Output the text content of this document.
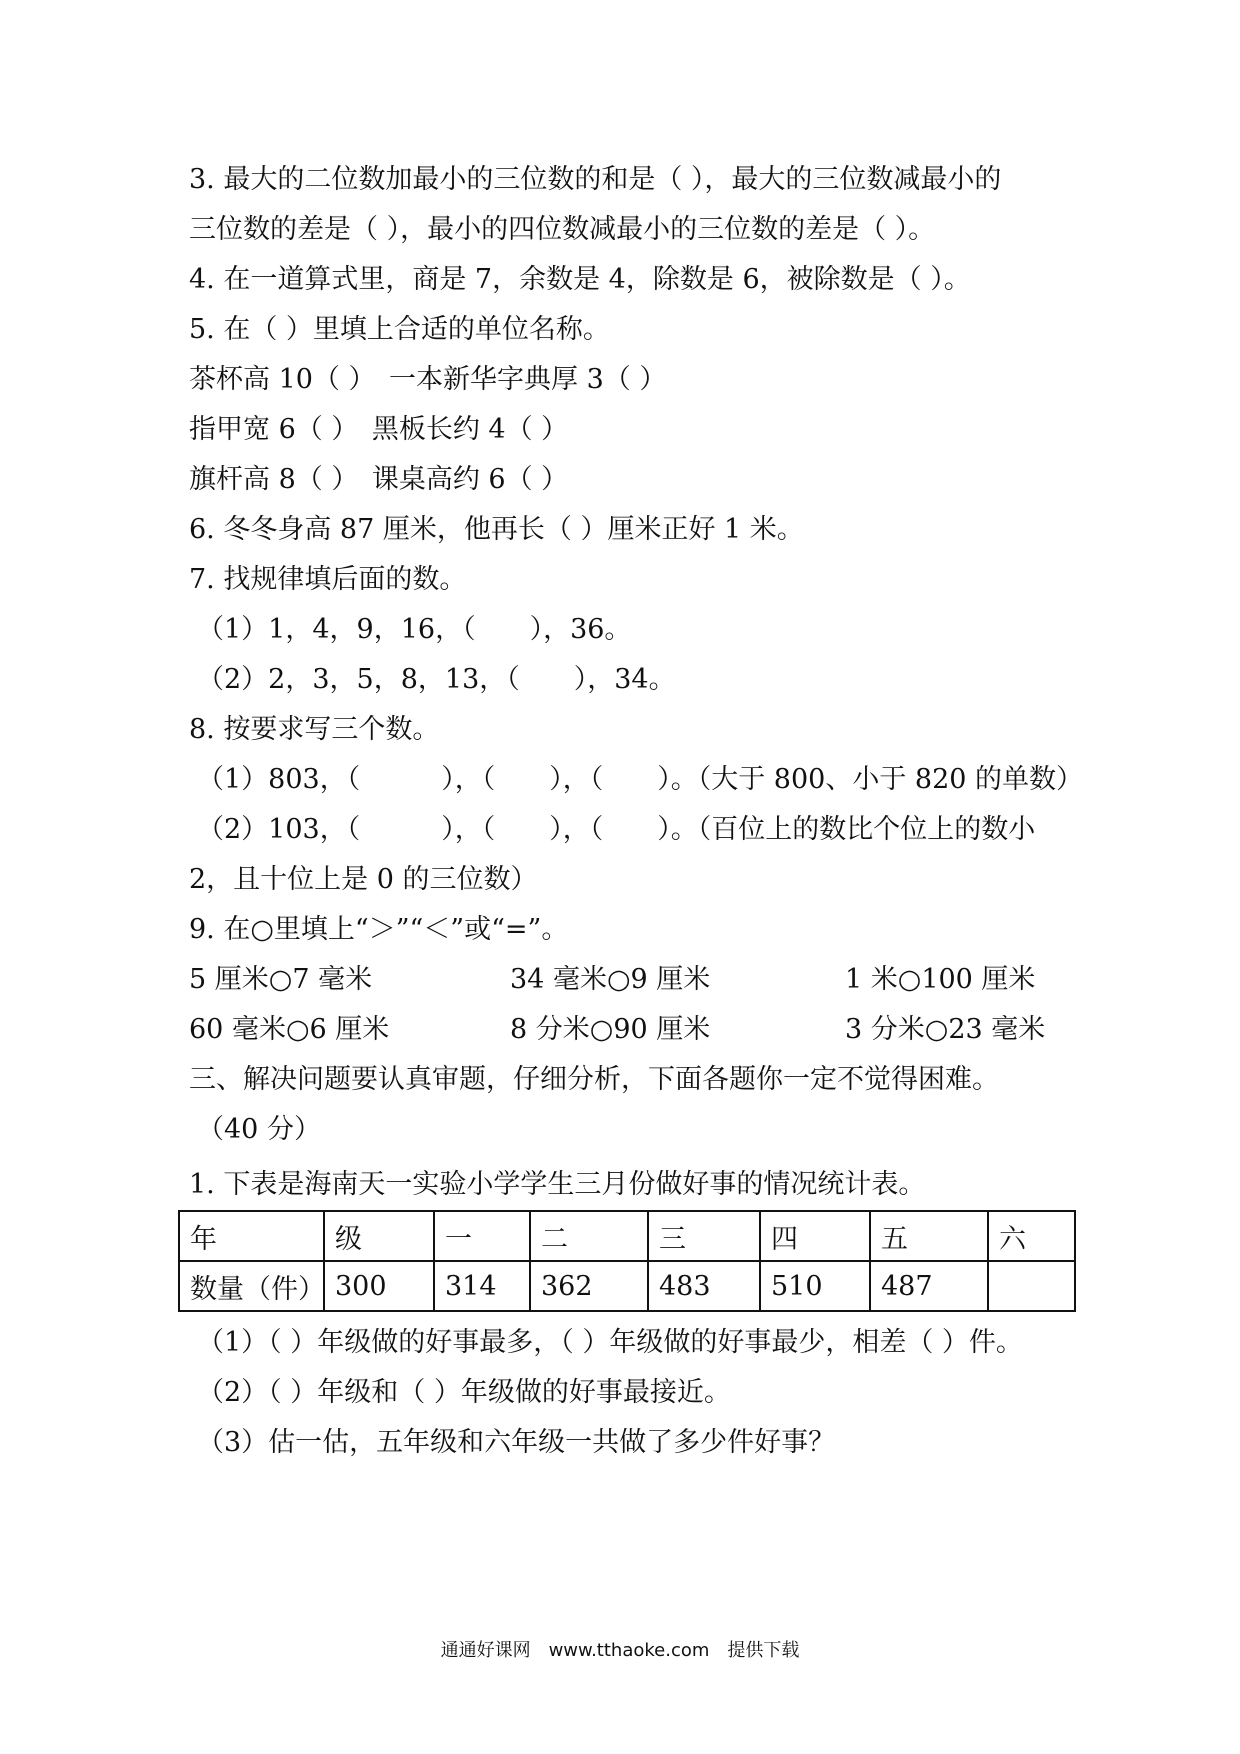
3. 最大的二位数加最小的三位数的和是（ ），最大的三位数减最小的
三位数的差是（ ），最小的四位数减最小的三位数的差是（ ）。
4. 在一道算式里，商是 7，余数是 4，除数是 6，被除数是（ ）。
5. 在（ ）里填上合适的单位名称。
茶杯高 10（ ）　一本新华字典厚 3（ ）
指甲宽 6（ ）　黑板长约 4（ ）
旗杆高 8（ ）　课桌高约 6（ ）
6. 冬冬身高 87 厘米，他再长（ ）厘米正好 1 米。
7. 找规律填后面的数。
（1）1，4，9，16，（　　），36。
（2）2，3，5，8，13，（　　），34。
8. 按要求写三个数。
（1）803，（　　　），（　　），（　　）。（大于 800、小于 820 的单数）
（2）103，（　　　），（　　），（　　）。（百位上的数比个位上的数小
2，且十位上是 0 的三位数）
9. 在○里填上“＞”“＜”或“=”。
5 厘米○7 毫米	34 毫米○9 厘米	1 米○100 厘米
60 毫米○6 厘米	8 分米○90 厘米	3 分米○23 毫米
三、解决问题要认真审题，仔细分析，下面各题你一定不觉得困难。
（40 分）
1. 下表是海南天一实验小学学生三月份做好事的情况统计表。
年	级	一	二	三	四	五	六
数量（件）	300	314	362	483	510	487	
（1）（ ）年级做的好事最多，（ ）年级做的好事最少，相差（ ）件。
（2）（ ）年级和（ ）年级做的好事最接近。
（3）估一估，五年级和六年级一共做了多少件好事？
通通好课网　www.tthaoke.com　提供下载
